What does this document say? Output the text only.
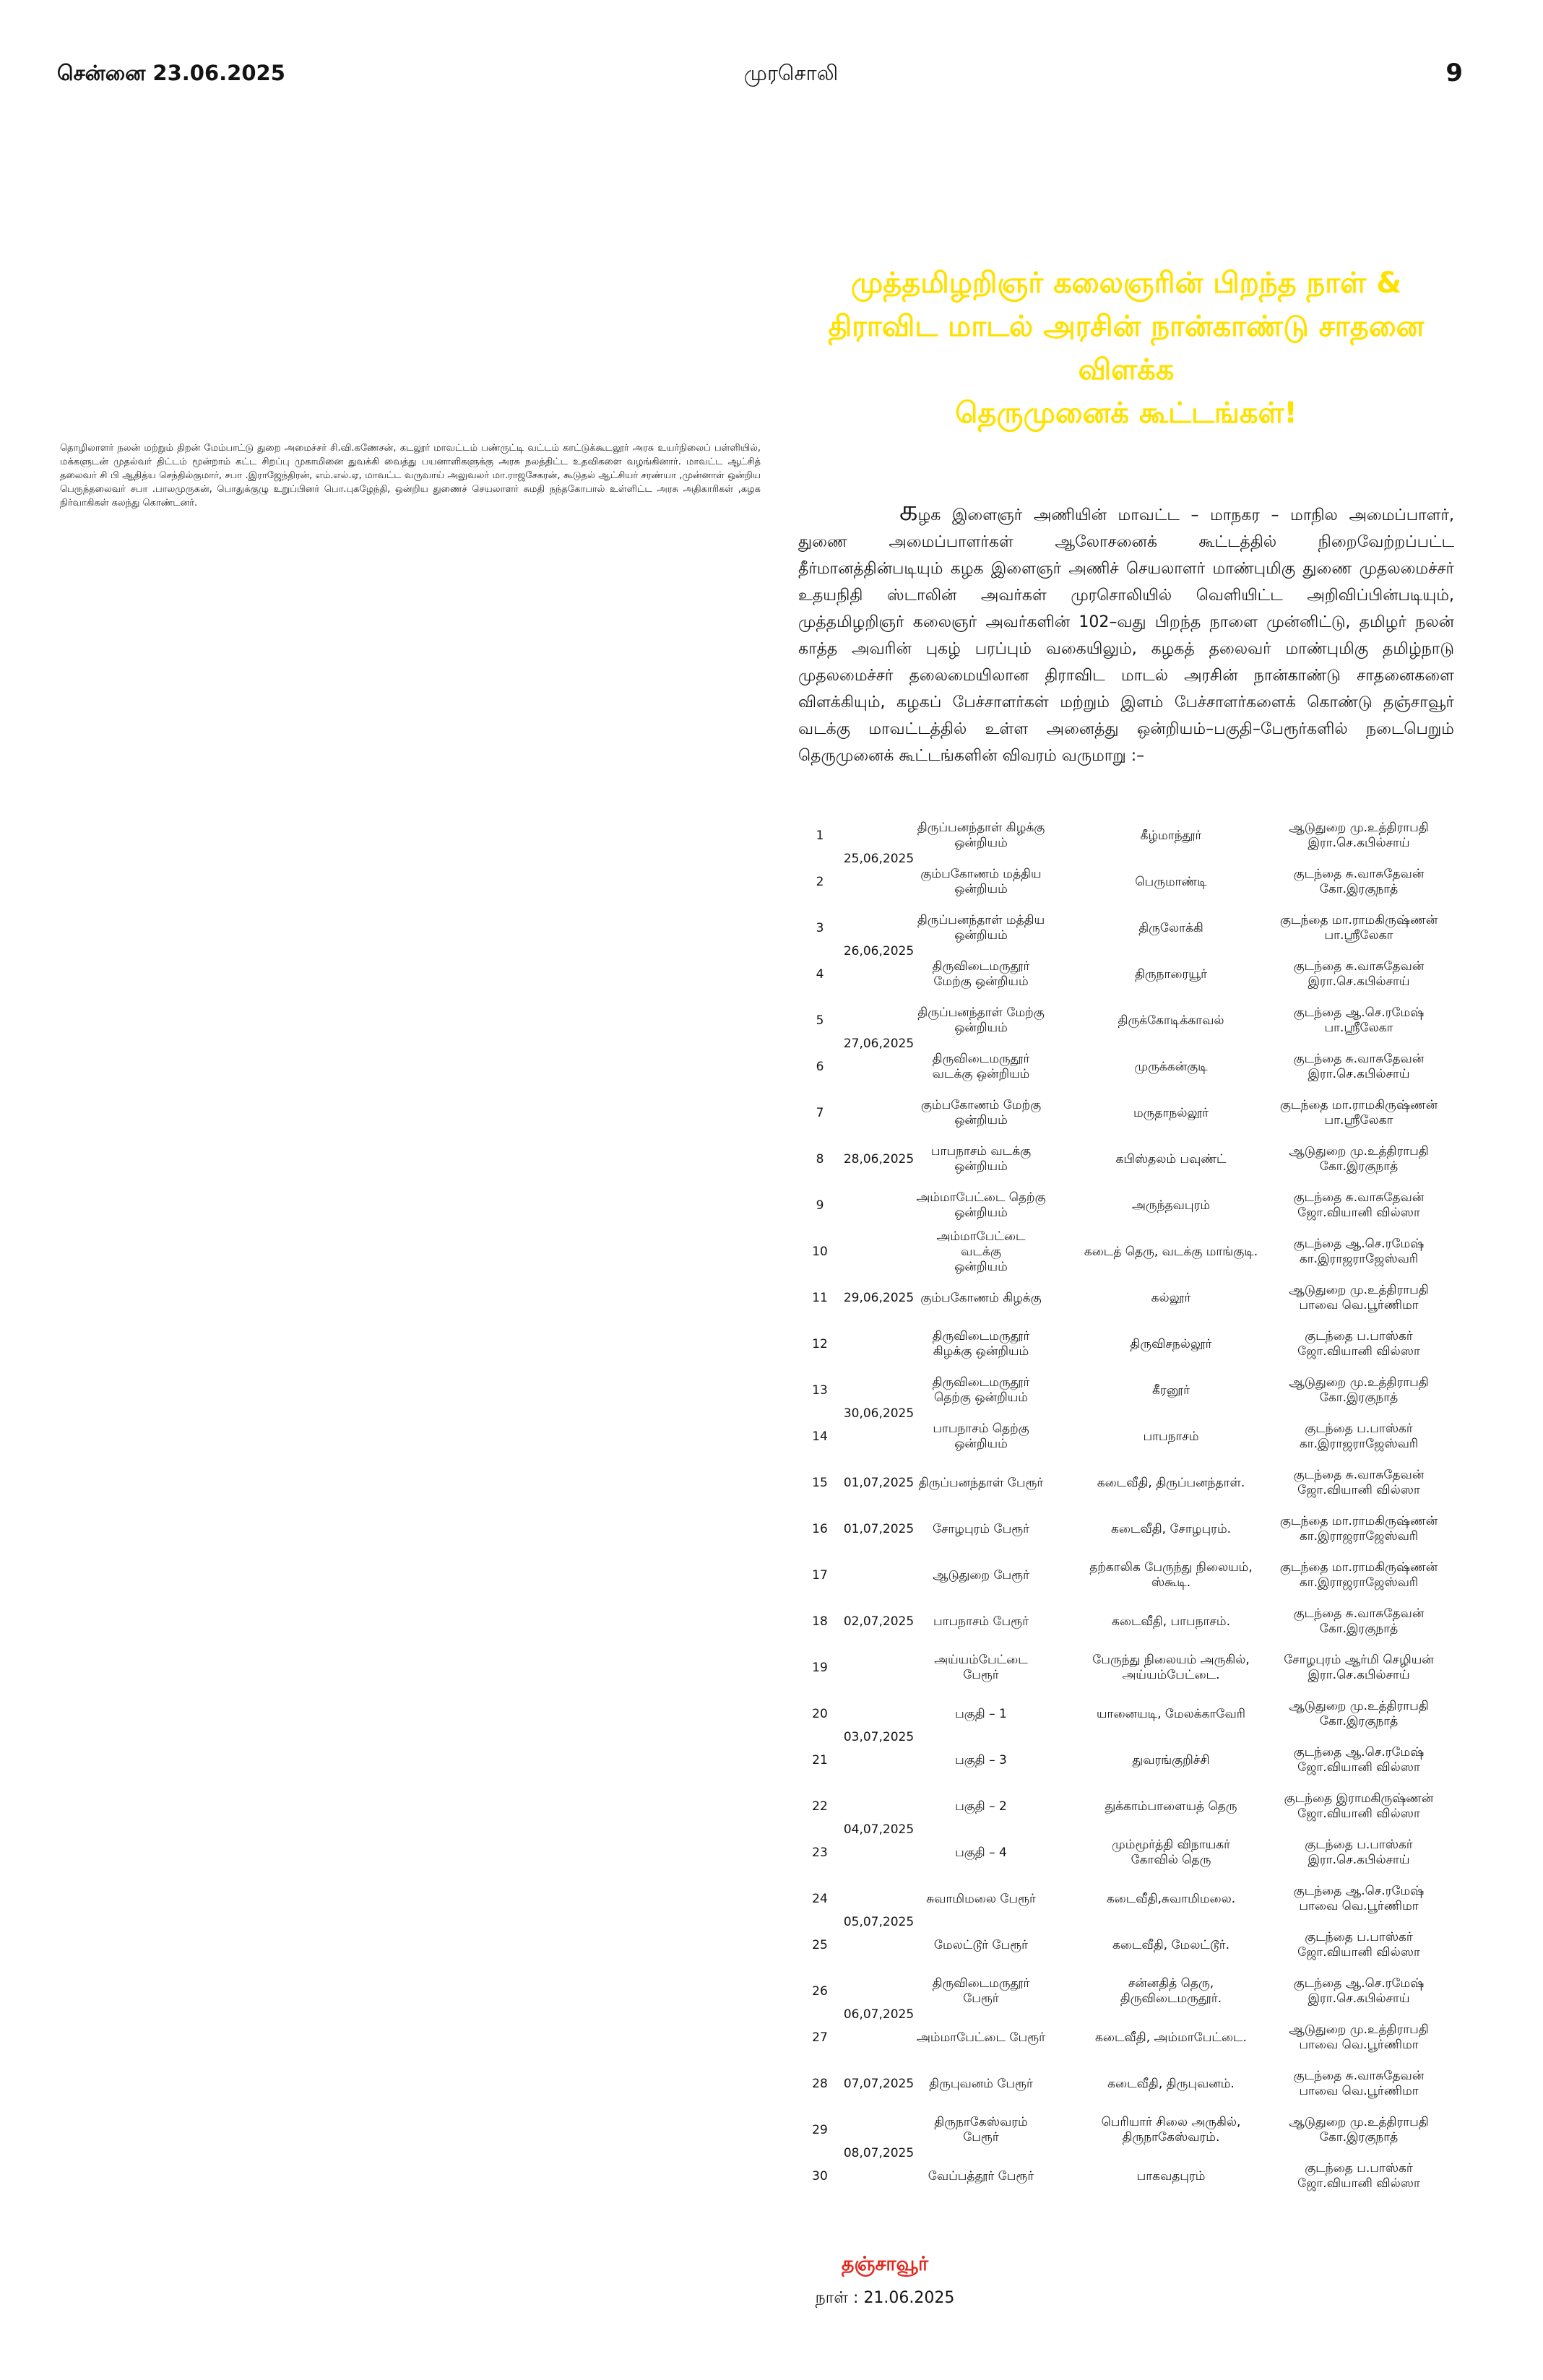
சென்னை 23.06.2025	முரசொலி	9
தொழிலாளர் நலன் மற்றும் திறன் மேம்பாட்டு துறை அமைச்சர் சி.வி.கணேசன், கடலூர் மாவட்டம் பண்ருட்டி வட்டம் காட்டுக்கூடலூர் அரசு உயர்நிலைப் பள்ளியில், மக்களுடன் முதல்வர் திட்டம் மூன்றாம் கட்ட சிறப்பு முகாமினை துவக்கி வைத்து பயனாளிகளுக்கு அரசு நலத்திட்ட உதவிகளை வழங்கினார். மாவட்ட ஆட்சித் தலைவர் சி பி ஆதித்ய செந்தில்குமார், சபா .இராஜேந்திரன், எம்.எல்.ஏ, மாவட்ட வருவாய் அலுவலர் மா.ராஜசேகரன், கூடுதல் ஆட்சியர் சரண்யா ,முன்னாள் ஒன்றிய பெருந்தலைவர் சபா .பாலமுருகன், பொதுக்குழு உறுப்பினர் பொ.புகழேந்தி, ஒன்றிய துணைச் செயலாளர் சுமதி நந்தகோபால் உள்ளிட்ட அரசு அதிகாரிகள் ,கழக நிர்வாகிகள் கலந்து கொண்டனர்.
முத்தமிழறிஞர் கலைஞரின் பிறந்த நாள் &
திராவிட மாடல் அரசின் நான்காண்டு சாதனை விளக்க
தெருமுனைக் கூட்டங்கள்!

கழக இளைஞர் அணியின் மாவட்ட – மாநகர – மாநில அமைப்பாளர், துணை அமைப்பாளர்கள் ஆலோசனைக் கூட்டத்தில் நிறைவேற்றப்பட்ட தீர்மானத்தின்படியும் கழக இளைஞர் அணிச் செயலாளர் மாண்புமிகு துணை முதலமைச்சர் உதயநிதி ஸ்டாலின் அவர்கள் முரசொலியில் வெளியிட்ட அறிவிப்பின்படியும், முத்தமிழறிஞர் கலைஞர் அவர்களின் 102–வது பிறந்த நாளை முன்னிட்டு, தமிழர் நலன் காத்த அவரின் புகழ் பரப்பும் வகையிலும், கழகத் தலைவர் மாண்புமிகு தமிழ்நாடு முதலமைச்சர் தலைமையிலான திராவிட மாடல் அரசின் நான்காண்டு சாதனைகளை விளக்கியும், கழகப் பேச்சாளர்கள் மற்றும் இளம் பேச்சாளர்களைக் கொண்டு தஞ்சாவூர் வடக்கு மாவட்டத்தில் உள்ள அனைத்து ஒன்றியம்–பகுதி–பேரூர்களில் நடைபெறும் தெருமுனைக் கூட்டங்களின் விவரம் வருமாறு :–

1	25,06,2025	திருப்பனந்தாள் கிழக்கு
ஒன்றியம்	கீழ்மாந்தூர்	ஆடுதுறை மு.உத்திராபதி
இரா.செ.கபில்சாய்

2		கும்பகோணம் மத்திய
ஒன்றியம்	பெருமாண்டி	குடந்தை சு.வாசுதேவன்
கோ.இரகுநாத்

3	26,06,2025	திருப்பனந்தாள் மத்திய
ஒன்றியம்	திருலோக்கி	குடந்தை மா.ராமகிருஷ்ணன்
பா.ஸ்ரீலேகா

4		திருவிடைமருதூர்
மேற்கு ஒன்றியம்	திருநாரையூர்	குடந்தை சு.வாசுதேவன்
இரா.செ.கபில்சாய்

5	27,06,2025	திருப்பனந்தாள் மேற்கு
ஒன்றியம்	திருக்கோடிக்காவல்	குடந்தை ஆ.செ.ரமேஷ்
பா.ஸ்ரீலேகா

6		திருவிடைமருதூர்
வடக்கு ஒன்றியம்	முருக்கன்குடி	குடந்தை சு.வாசுதேவன்
இரா.செ.கபில்சாய்

7	28,06,2025	கும்பகோணம் மேற்கு
ஒன்றியம்	மருதாநல்லூர்	குடந்தை மா.ராமகிருஷ்ணன்
பா.ஸ்ரீலேகா

8		பாபநாசம் வடக்கு
ஒன்றியம்	கபிஸ்தலம் பவுண்ட்	ஆடுதுறை மு.உத்திராபதி
கோ.இரகுநாத்

9		அம்மாபேட்டை தெற்கு
ஒன்றியம்	அருந்தவபுரம்	குடந்தை சு.வாசுதேவன்
ஜோ.வியானி வில்ஸா

10	29,06,2025	அம்மாபேட்டை வடக்கு
ஒன்றியம்	கடைத் தெரு, வடக்கு மாங்குடி.	குடந்தை ஆ.செ.ரமேஷ்
கா.இராஜராஜேஸ்வரி

11		கும்பகோணம் கிழக்கு	கல்லூர்	ஆடுதுறை மு.உத்திராபதி
பாவை வெ.பூர்ணிமா

12		திருவிடைமருதூர்
கிழக்கு ஒன்றியம்	திருவிசநல்லூர்	குடந்தை ப.பாஸ்கர்
ஜோ.வியானி வில்ஸா

13	30,06,2025	திருவிடைமருதூர்
தெற்கு ஒன்றியம்	கீரனூர்	ஆடுதுறை மு.உத்திராபதி
கோ.இரகுநாத்

14		பாபநாசம் தெற்கு
ஒன்றியம்	பாபநாசம்	குடந்தை ப.பாஸ்கர்
கா.இராஜராஜேஸ்வரி

15	01,07,2025	திருப்பனந்தாள் பேரூர்	கடைவீதி, திருப்பனந்தாள்.	குடந்தை சு.வாசுதேவன்
ஜோ.வியானி வில்ஸா

16	01,07,2025	சோழபுரம் பேரூர்	கடைவீதி, சோழபுரம்.	குடந்தை மா.ராமகிருஷ்ணன்
கா.இராஜராஜேஸ்வரி

17	02,07,2025	ஆடுதுறை பேரூர்	தற்காலிக பேருந்து நிலையம்,
ஸ்கூடி.	குடந்தை மா.ராமகிருஷ்ணன்
கா.இராஜராஜேஸ்வரி

18		பாபநாசம் பேரூர்	கடைவீதி, பாபநாசம்.	குடந்தை சு.வாசுதேவன்
கோ.இரகுநாத்

19		அய்யம்பேட்டை பேரூர்	பேருந்து நிலையம் அருகில்,
அய்யம்பேட்டை.	சோழபுரம் ஆர்மி செழியன்
இரா.செ.கபில்சாய்

20	03,07,2025	பகுதி – 1	யானையடி, மேலக்காவேரி	ஆடுதுறை மு.உத்திராபதி
கோ.இரகுநாத்

21		பகுதி – 3	துவரங்குறிச்சி	குடந்தை ஆ.செ.ரமேஷ்
ஜோ.வியானி வில்ஸா

22	04,07,2025	பகுதி – 2	துக்காம்பாளையத் தெரு	குடந்தை இராமகிருஷ்ணன்
ஜோ.வியானி வில்ஸா

23		பகுதி – 4	மும்மூர்த்தி விநாயகர்
கோவில் தெரு	குடந்தை ப.பாஸ்கர்
இரா.செ.கபில்சாய்

24	05,07,2025	சுவாமிமலை பேரூர்	கடைவீதி,சுவாமிமலை.	குடந்தை ஆ.செ.ரமேஷ்
பாவை வெ.பூர்ணிமா

25		மேலட்டூர் பேரூர்	கடைவீதி, மேலட்டூர்.	குடந்தை ப.பாஸ்கர்
ஜோ.வியானி வில்ஸா

26	06,07,2025	திருவிடைமருதூர்
பேரூர்	சன்னதித் தெரு,
திருவிடைமருதூர்.	குடந்தை ஆ.செ.ரமேஷ்
இரா.செ.கபில்சாய்

27		அம்மாபேட்டை பேரூர்	கடைவீதி, அம்மாபேட்டை.	ஆடுதுறை மு.உத்திராபதி
பாவை வெ.பூர்ணிமா

28	07,07,2025	திருபுவனம் பேரூர்	கடைவீதி, திருபுவனம்.	குடந்தை சு.வாசுதேவன்
பாவை வெ.பூர்ணிமா

29	08,07,2025	திருநாகேஸ்வரம் பேரூர்	பெரியார் சிலை அருகில்,
திருநாகேஸ்வரம்.	ஆடுதுறை மு.உத்திராபதி
கோ.இரகுநாத்

30		வேப்பத்தூர் பேரூர்	பாகவதபுரம்	குடந்தை ப.பாஸ்கர்
ஜோ.வியானி வில்ஸா
தஞ்சாவூர்
நாள் : 21.06.2025
